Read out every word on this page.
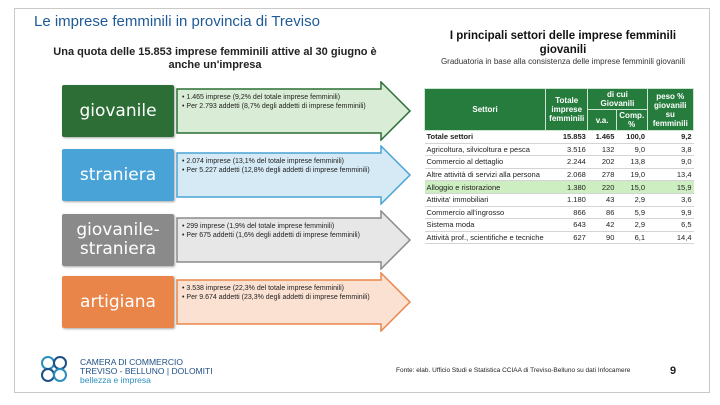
Le imprese femminili in provincia di Treviso
Una quota delle 15.853 imprese femminili attive al 30 giugno è anche un'impresa
giovanile
• 1.465 imprese (9,2% del totale imprese femminili)
• Per 2.793 addetti (8,7% degli addetti di imprese femminili)
straniera
• 2.074 imprese (13,1% del totale imprese femminili)
• Per 5.227 addetti (12,8% degli addetti di imprese femminili)
giovanile-straniera
• 299 imprese (1,9% del totale imprese femminili)
• Per 675 addetti (1,6% degli addetti di imprese femminili)
artigiana
• 3.538 imprese (22,3% del totale imprese femminili)
• Per 9.674 addetti (23,3% degli addetti di imprese femminili)
I principali settori delle imprese femminili giovanili
Graduatoria in base alla consistenza delle imprese femminili giovanili
Settori	Totale imprese femminili	di cui Giovanili		peso % giovanili su femminili
		v.a.	Comp. %	
Totale settori	15.853	1.465	100,0	9,2
Agricoltura, silvicoltura e pesca	3.516	132	9,0	3,8
Commercio al dettaglio	2.244	202	13,8	9,0
Altre attività di servizi alla persona	2.068	278	19,0	13,4
Alloggio e ristorazione	1.380	220	15,0	15,9
Attivita' immobiliari	1.180	43	2,9	3,6
Commercio all'ingrosso	866	86	5,9	9,9
Sistema moda	643	42	2,9	6,5
Attività prof., scientifiche e tecniche	627	90	6,1	14,4
CAMERA DI COMMERCIO
TREVISO - BELLUNO | DOLOMITI
bellezza e impresa
Fonte: elab. Ufficio Studi e Statistica CCIAA di Treviso-Belluno su dati Infocamere	9
